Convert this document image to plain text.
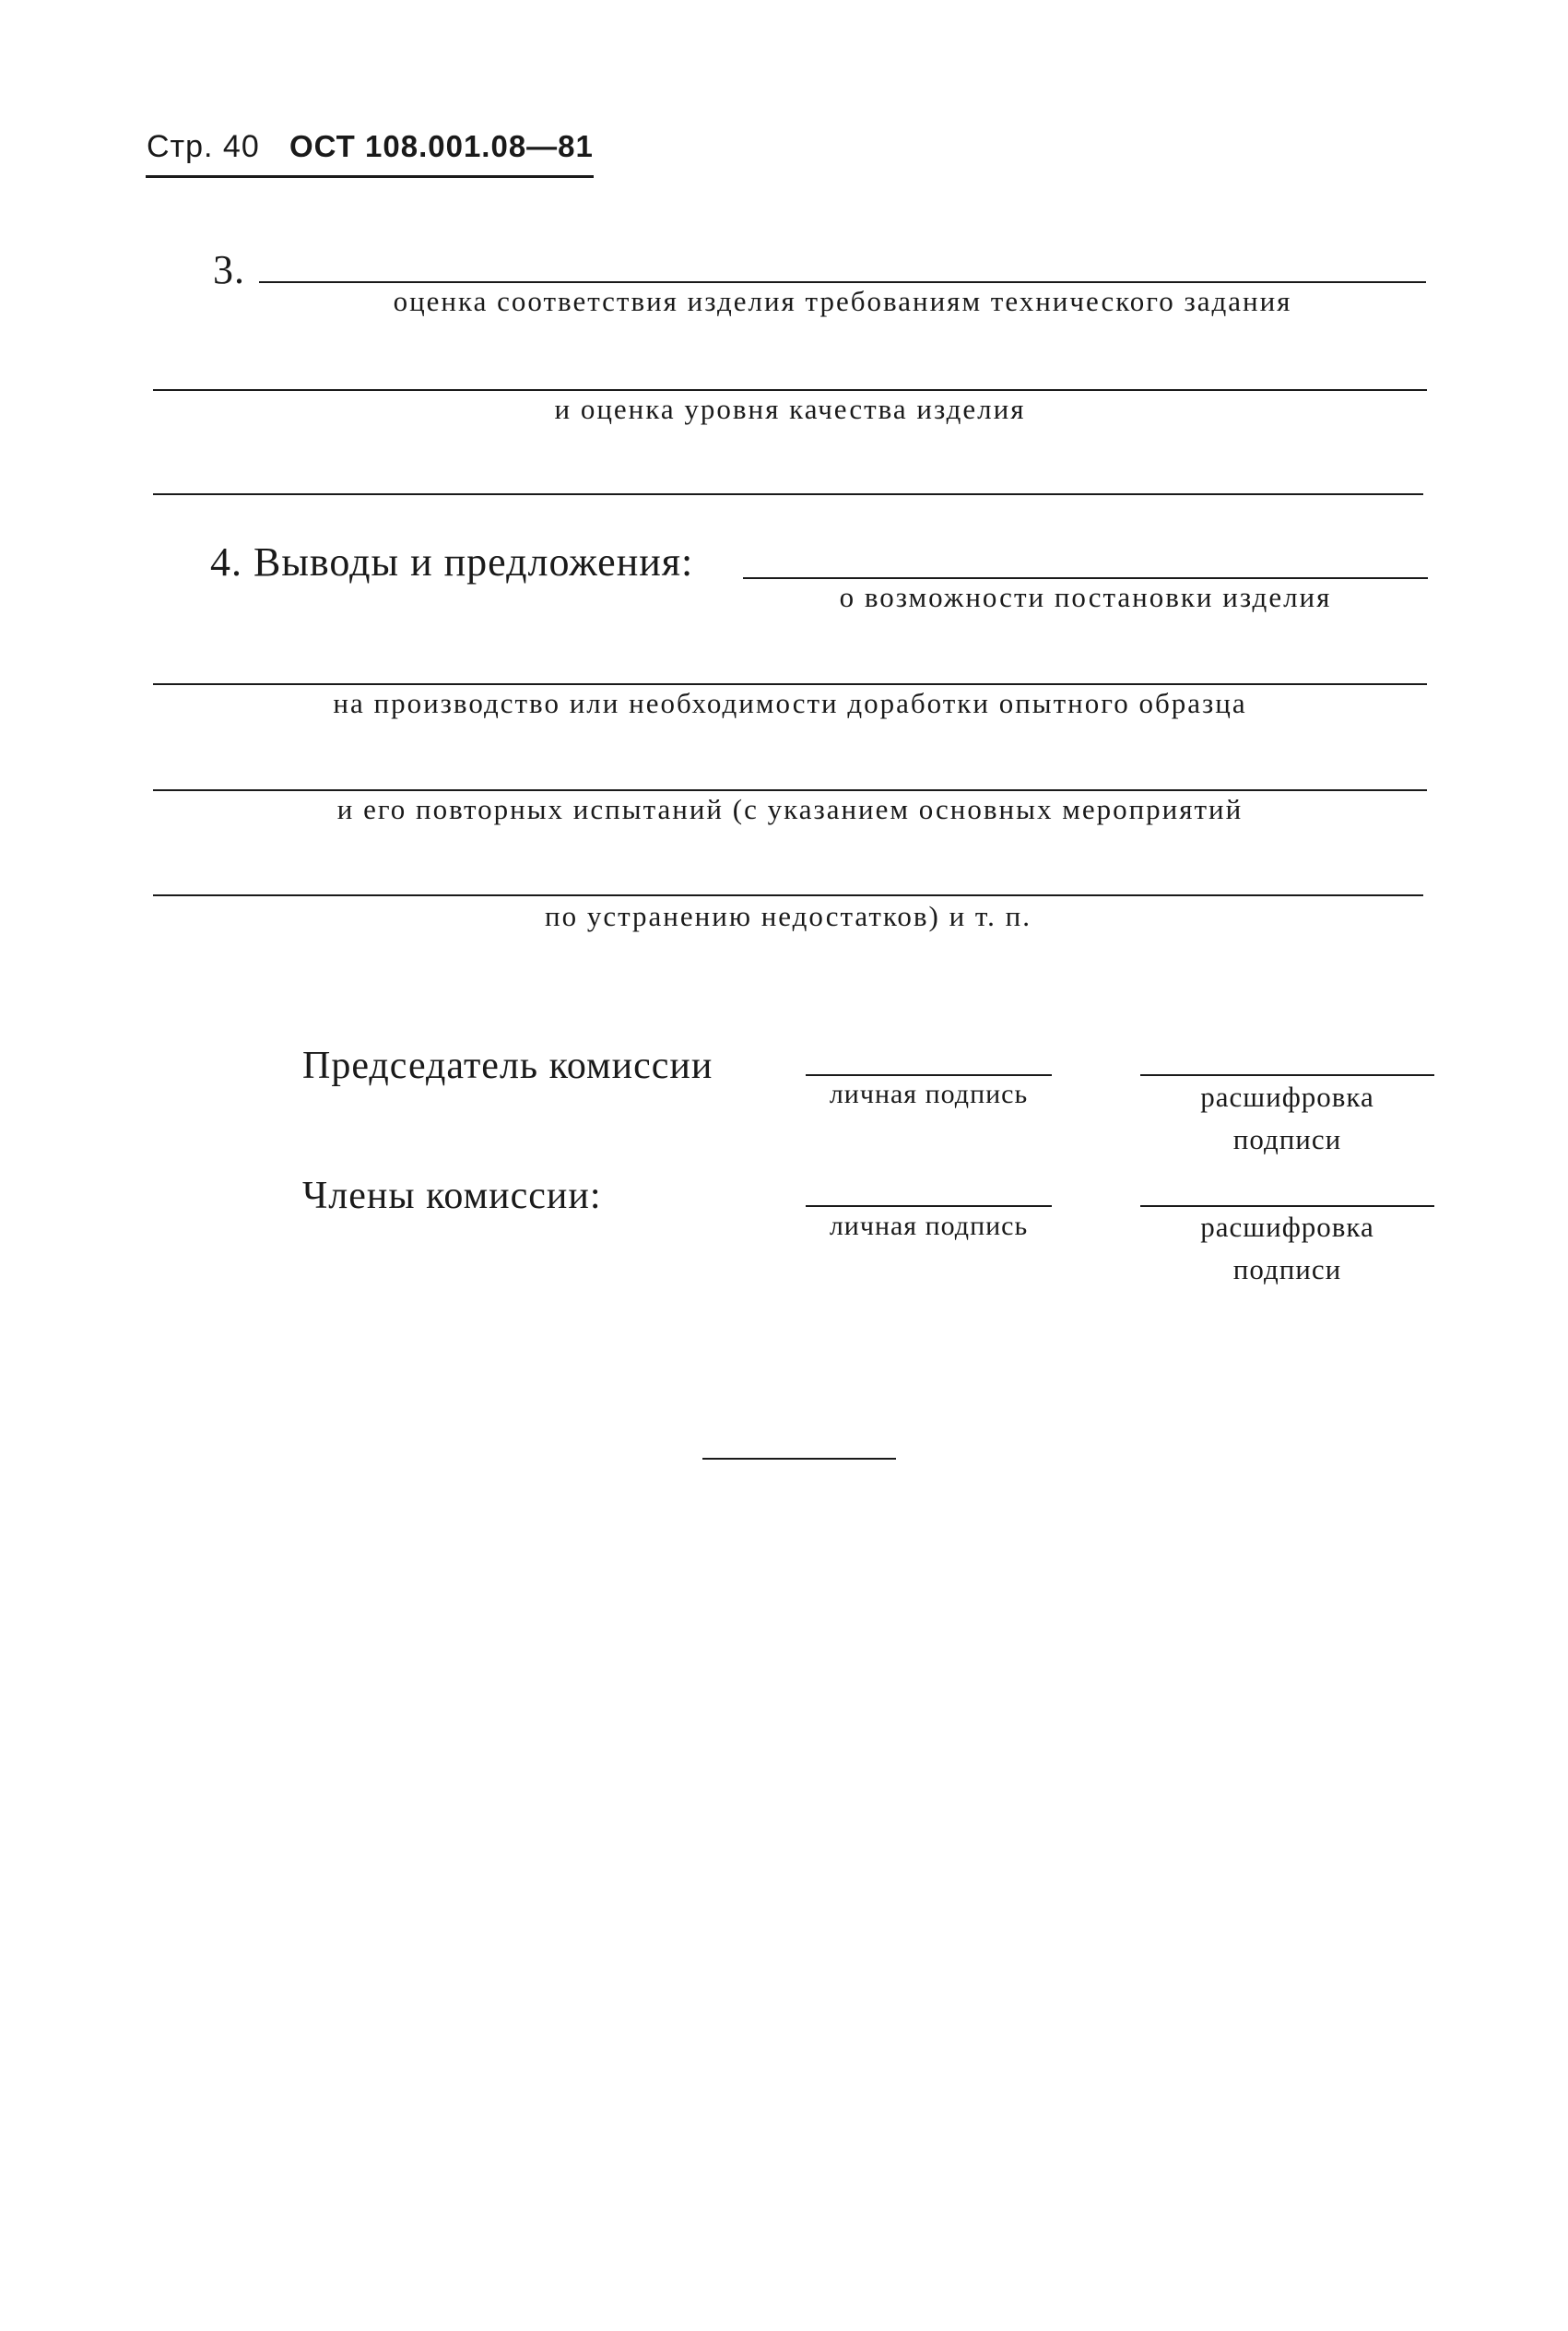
Стр. 40 ОСТ 108.001.08—81
3.
оценка соответствия изделия требованиям технического задания
и оценка уровня качества изделия
4. Выводы и предложения:
о возможности постановки изделия
на производство или необходимости доработки опытного образца
и его повторных испытаний (с указанием основных мероприятий
по устранению недостатков) и т. п.
Председатель комиссии
личная подпись	расшифровка
подписи
Члены комиссии:
личная подпись	расшифровка
подписи
